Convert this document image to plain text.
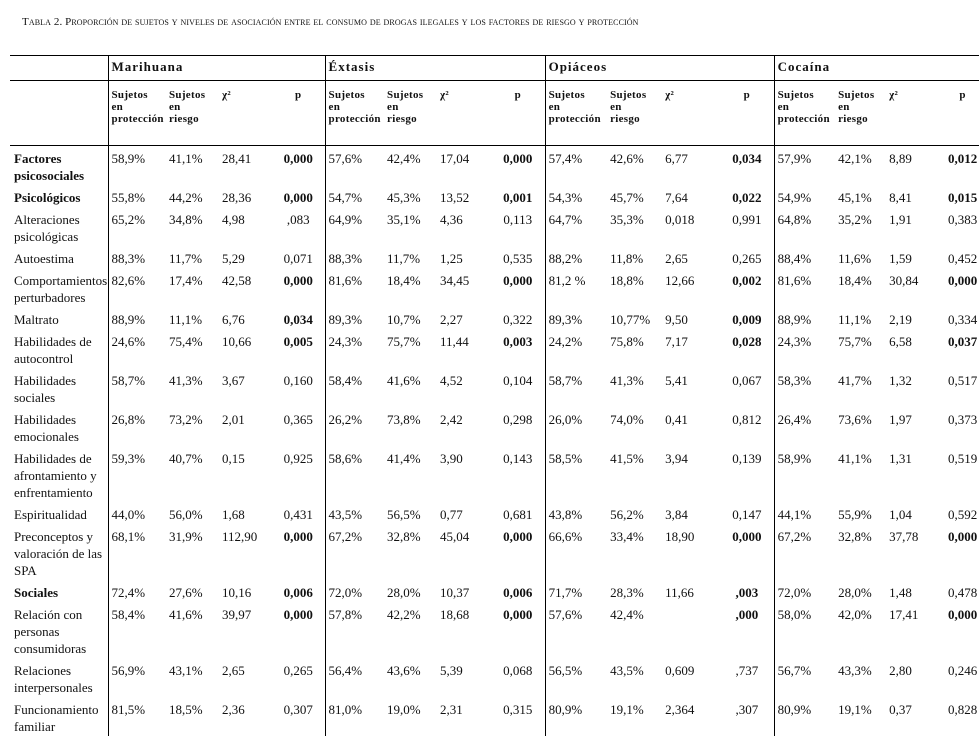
Tabla 2. Proporción de sujetos y niveles de asociación entre el consumo de drogas ilegales y los factores de riesgo y protección
	Marihuana				Éxtasis				Opiáceos				Cocaína			
	Sujetos
en
protección	Sujetos
en
riesgo	χ²	p	Sujetos
en
protección	Sujetos
en
riesgo	χ²	p	Sujetos
en
protección	Sujetos
en
riesgo	χ²	p	Sujetos
en
protección	Sujetos
en
riesgo	χ²	p
Factores psicosociales	58,9%	41,1%	28,41	0,000	57,6%	42,4%	17,04	0,000	57,4%	42,6%	6,77	0,034	57,9%	42,1%	8,89	0,012
Psicológicos	55,8%	44,2%	28,36	0,000	54,7%	45,3%	13,52	0,001	54,3%	45,7%	7,64	0,022	54,9%	45,1%	8,41	0,015
Alteraciones psicológicas	65,2%	34,8%	4,98	,083	64,9%	35,1%	4,36	0,113	64,7%	35,3%	0,018	0,991	64,8%	35,2%	1,91	0,383
Autoestima	88,3%	11,7%	5,29	0,071	88,3%	11,7%	1,25	0,535	88,2%	11,8%	2,65	0,265	88,4%	11,6%	1,59	0,452
Comportamientos perturbadores	82,6%	17,4%	42,58	0,000	81,6%	18,4%	34,45	0,000	81,2 %	18,8%	12,66	0,002	81,6%	18,4%	30,84	0,000
Maltrato	88,9%	11,1%	6,76	0,034	89,3%	10,7%	2,27	0,322	89,3%	10,77%	9,50	0,009	88,9%	11,1%	2,19	0,334
Habilidades de autocontrol	24,6%	75,4%	10,66	0,005	24,3%	75,7%	11,44	0,003	24,2%	75,8%	7,17	0,028	24,3%	75,7%	6,58	0,037
Habilidades sociales	58,7%	41,3%	3,67	0,160	58,4%	41,6%	4,52	0,104	58,7%	41,3%	5,41	0,067	58,3%	41,7%	1,32	0,517
Habilidades emocionales	26,8%	73,2%	2,01	0,365	26,2%	73,8%	2,42	0,298	26,0%	74,0%	0,41	0,812	26,4%	73,6%	1,97	0,373
Habilidades de afrontamiento y enfrentamiento	59,3%	40,7%	0,15	0,925	58,6%	41,4%	3,90	0,143	58,5%	41,5%	3,94	0,139	58,9%	41,1%	1,31	0,519
Espiritualidad	44,0%	56,0%	1,68	0,431	43,5%	56,5%	0,77	0,681	43,8%	56,2%	3,84	0,147	44,1%	55,9%	1,04	0,592
Preconceptos y valoración de las SPA	68,1%	31,9%	112,90	0,000	67,2%	32,8%	45,04	0,000	66,6%	33,4%	18,90	0,000	67,2%	32,8%	37,78	0,000
Sociales	72,4%	27,6%	10,16	0,006	72,0%	28,0%	10,37	0,006	71,7%	28,3%	11,66	,003	72,0%	28,0%	1,48	0,478
Relación con personas consumidoras	58,4%	41,6%	39,97	0,000	57,8%	42,2%	18,68	0,000	57,6%	42,4%		,000	58,0%	42,0%	17,41	0,000
Relaciones interpersonales	56,9%	43,1%	2,65	0,265	56,4%	43,6%	5,39	0,068	56,5%	43,5%	0,609	,737	56,7%	43,3%	2,80	0,246
Funcionamiento familiar	81,5%	18,5%	2,36	0,307	81,0%	19,0%	2,31	0,315	80,9%	19,1%	2,364	,307	80,9%	19,1%	0,37	0,828
